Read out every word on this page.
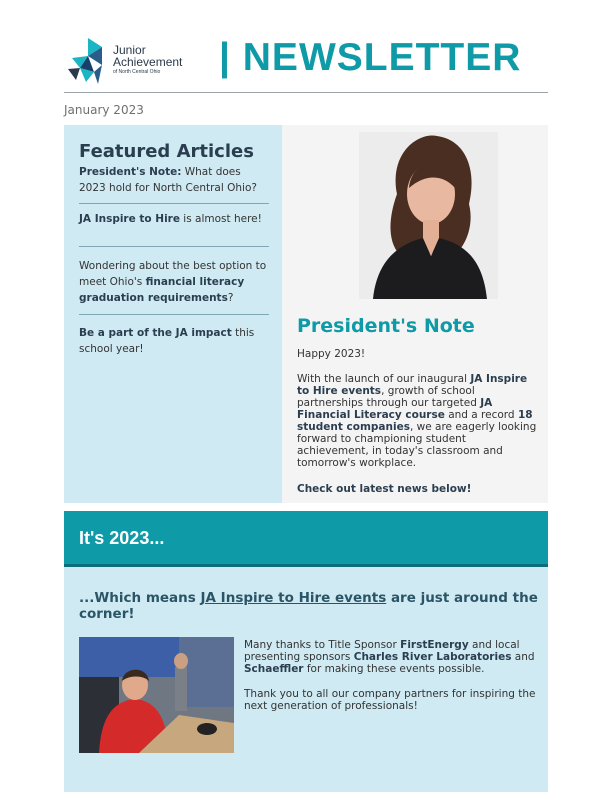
Junior
Achievement
of North Central Ohio	| NEWSLETTER
January 2023
Featured Articles
President's Note: What does 2023 hold for North Central Ohio?
JA Inspire to Hire is almost here!
Wondering about the best option to meet Ohio's financial literacy graduation requirements?
Be a part of the JA impact this school year!
President's Note
Happy 2023!
With the launch of our inaugural JA Inspire to Hire events, growth of school partnerships through our targeted JA Financial Literacy course and a record 18 student companies, we are eagerly looking forward to championing student achievement, in today's classroom and tomorrow's workplace.
Check out latest news below!
It's 2023...
...Which means JA Inspire to Hire events are just around the corner!
Many thanks to Title Sponsor FirstEnergy and local presenting sponsors Charles River Laboratories and Schaeffler for making these events possible.
Thank you to all our company partners for inspiring the next generation of professionals!
